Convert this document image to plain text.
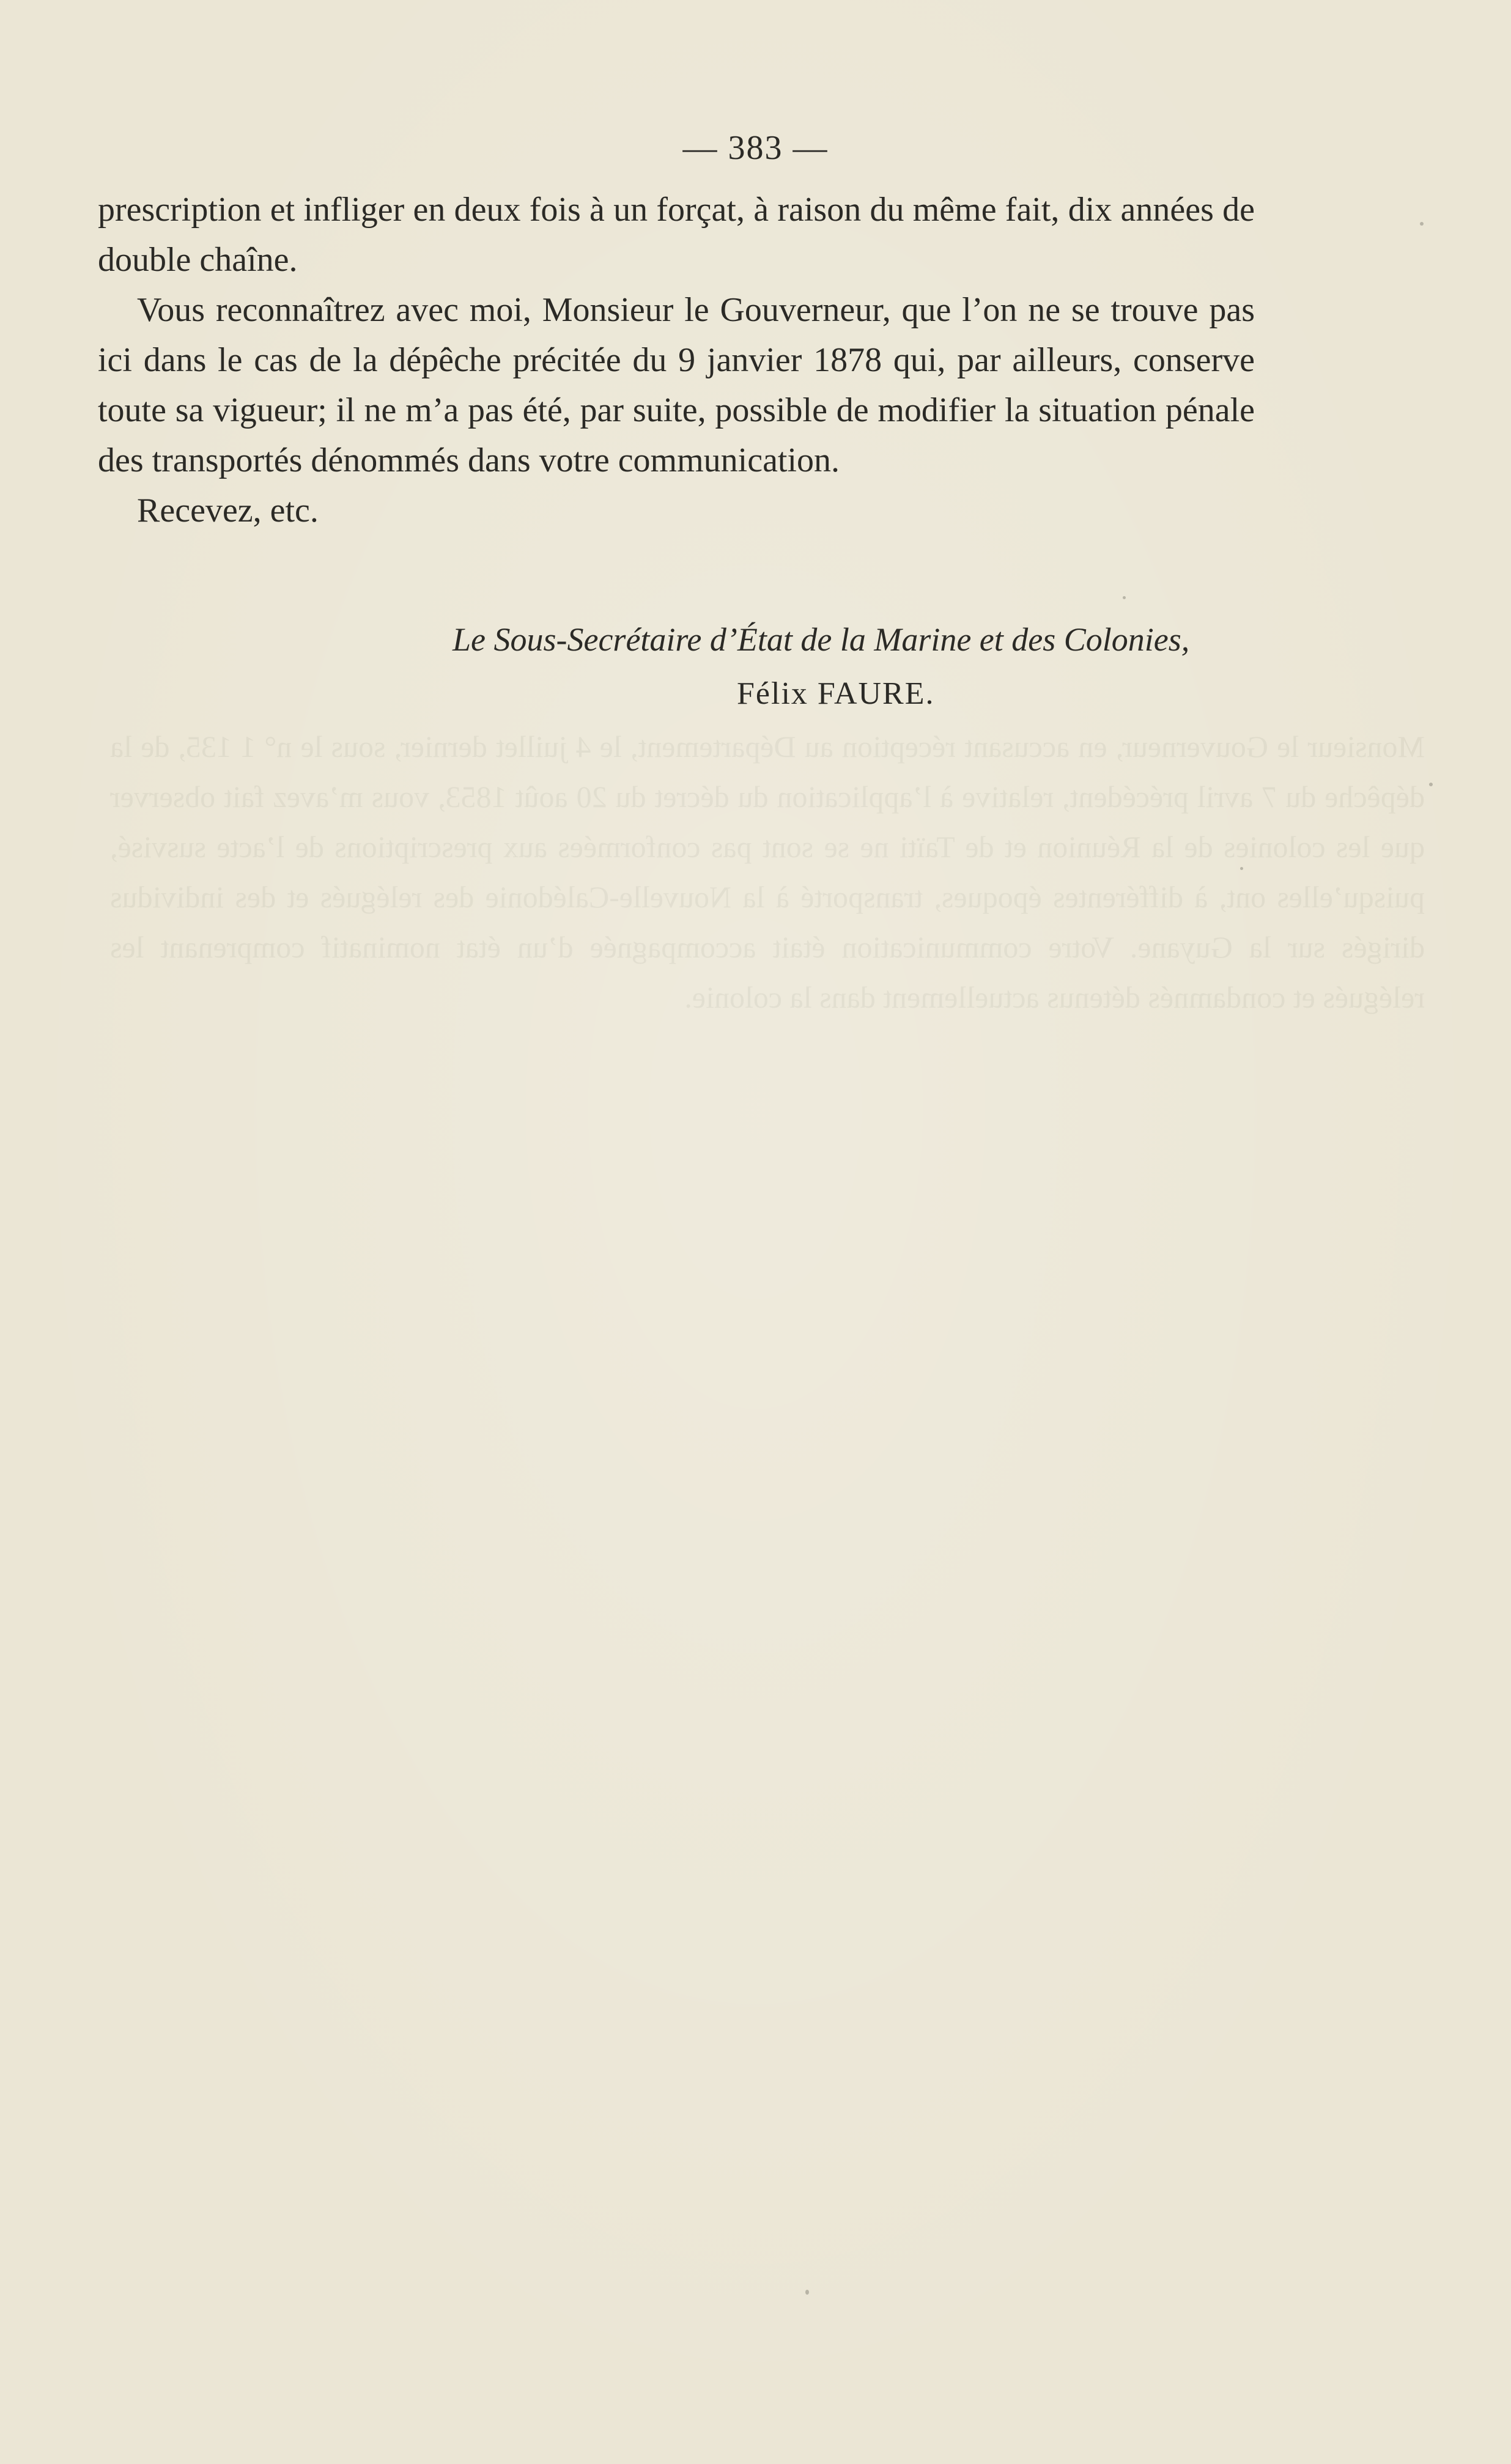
Monsieur le Gouverneur, en accusant réception au Département, le 4 juillet dernier, sous le n° 1 135, de la dépêche du 7 avril précédent, relative à l’application du décret du 20 août 1853, vous m’avez fait observer que les colonies de la Réunion et de Taïti ne se sont pas conformées aux prescriptions de l’acte susvisé, puisqu’elles ont, à différentes époques, transporté à la Nouvelle-Calédonie des relégués et des individus dirigés sur la Guyane. Votre communication était accompagnée d’un état nominatif comprenant les relégués et condamnés détenus actuellement dans la colonie.
— 383 —

prescription et infliger en deux fois à un forçat, à raison du même fait, dix années de double chaîne.

Vous reconnaîtrez avec moi, Monsieur le Gouverneur, que l’on ne se trouve pas ici dans le cas de la dépêche précitée du 9 janvier 1878 qui, par ailleurs, conserve toute sa vigueur; il ne m’a pas été, par suite, possible de modifier la situation pénale des transportés dénommés dans votre communication.

Recevez, etc.

Le Sous-Secrétaire d’État de la Marine et des Colonies,
Félix FAURE.
